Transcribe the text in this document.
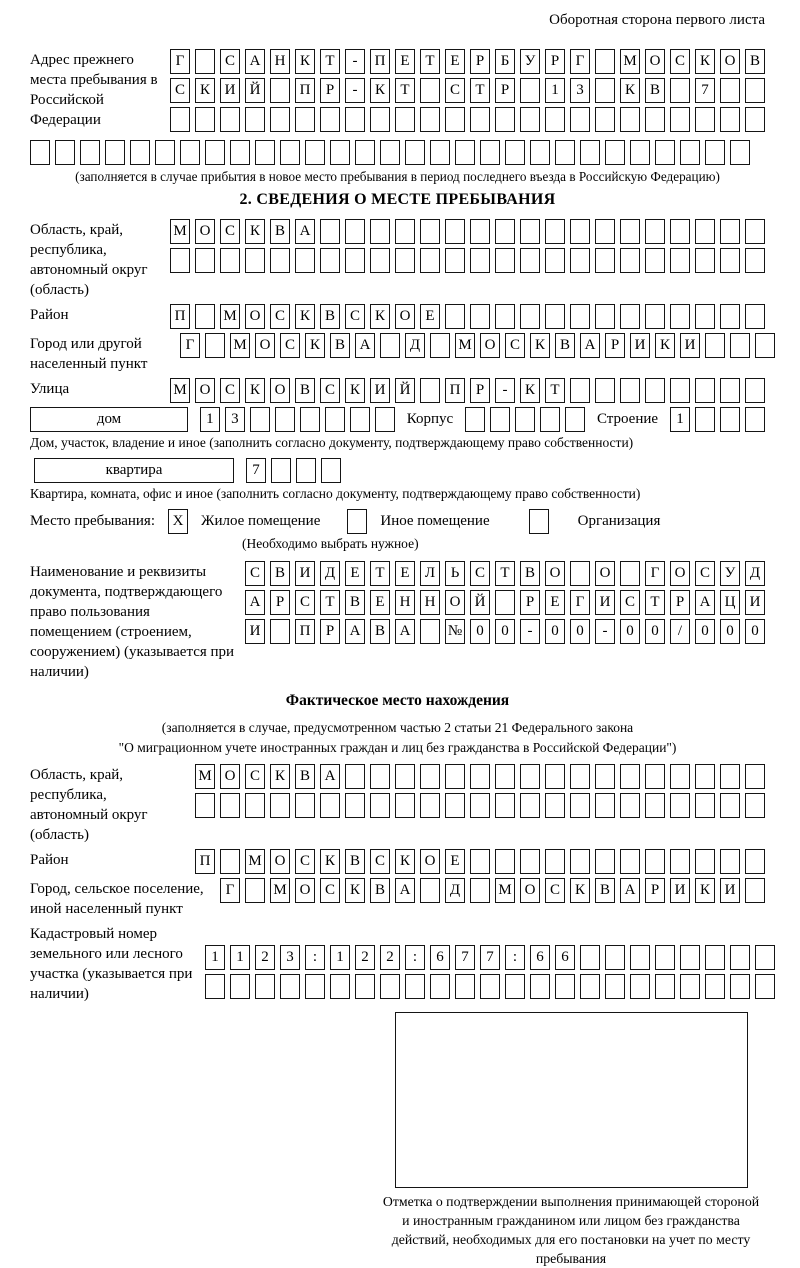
Оборотная сторона первого листа
Адрес прежнего места пребывания в Российской Федерации
Г	С А Н К	Т	-	П Е	Т	Е	Р	Б	У	Р	Г	М О С К О В
С К И Й	П	Р	-	К	Т	С	Т	Р	1	3	К В	7
(заполняется в случае прибытия в новое место пребывания в период последнего въезда в Российскую Федерацию)
2. СВЕДЕНИЯ О МЕСТЕ ПРЕБЫВАНИЯ
Область, край, республика, автономный округ (область)
М О С К В А
Район	П	М О С К В С К О Е
Город или другой населенный пункт
Г	М О С К В А	Д	М О С К В А	Р	И К И
Улица	М О С К О В С К И Й	П	Р	-	К	Т
дом	1	3	Корпус	Строение	1
Дом, участок, владение и иное (заполнить согласно документу, подтверждающему право собственности)
квартира	7
Квартира, комната, офис и иное (заполнить согласно документу, подтверждающему право собственности)
Место пребывания:	X	Жилое помещение	Иное помещение	Организация
(Необходимо выбрать нужное)
Наименование и реквизиты документа, подтверждающего право пользования помещением (строением, сооружением) (указывается при наличии)
С В И Д	Е	Т	Е	Л	Ь	С	Т	В О	О	Г	О С У Д
А	Р	С	Т	В	Е	Н Н О Й	Р	Е	Г	И С	Т	Р	А Ц И
И	П	Р	А В А	№ 0	0	-	0	0	-	0	0	/	0	0	0
Фактическое место нахождения
(заполняется в случае, предусмотренном частью 2 статьи 21 Федерального закона
"О миграционном учете иностранных граждан и лиц без гражданства в Российской Федерации")
Область, край, республика, автономный округ (область)
М О С К В А
Район	П	М О С К В С К О Е
Город, сельское поселение, иной населенный пункт
Г	М О С К В А	Д	М О С К В А	Р	И К И
Кадастровый номер земельного или лесного участка (указывается при наличии)
1	1	2	3	:	1	2	2	:	6	7	7	:	6	6
Отметка о подтверждении выполнения принимающей стороной и иностранным гражданином или лицом без гражданства действий, необходимых для его постановки на учет по месту пребывания
